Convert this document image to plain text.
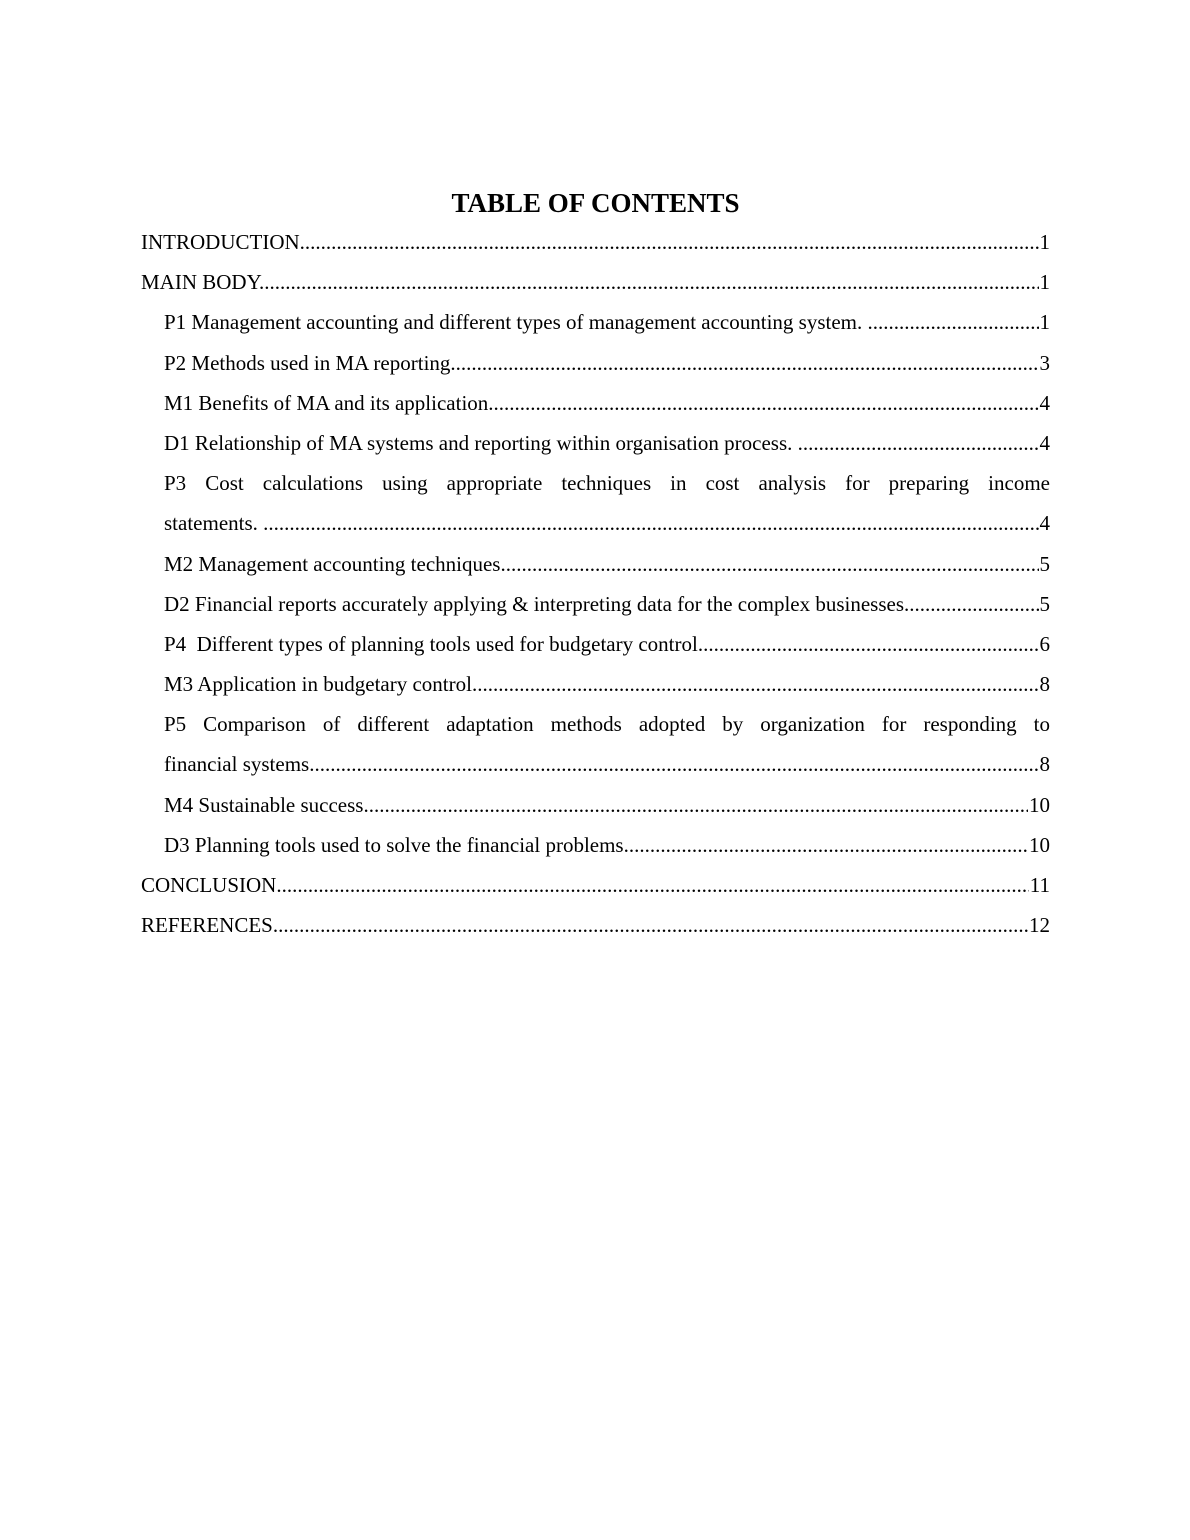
TABLE OF CONTENTS
INTRODUCTION .....	1
MAIN BODY .....	1
P1 Management accounting and different types of management accounting system. .....	1
P2 Methods used in MA reporting .....	3
M1 Benefits of MA and its application .....	4
D1 Relationship of MA systems and reporting within organisation process. .....	4
P3 Cost calculations using appropriate techniques in cost analysis for preparing income
statements. .....	4
M2 Management accounting techniques .....	5
D2 Financial reports accurately applying & interpreting data for the complex businesses .....	5
P4  Different types of planning tools used for budgetary control .....	6
M3 Application in budgetary control .....	8
P5 Comparison of different adaptation methods adopted by organization for responding to
financial systems .....	8
M4 Sustainable success .....	10
D3 Planning tools used to solve the financial problems .....	10
CONCLUSION .....	11
REFERENCES .....	12
